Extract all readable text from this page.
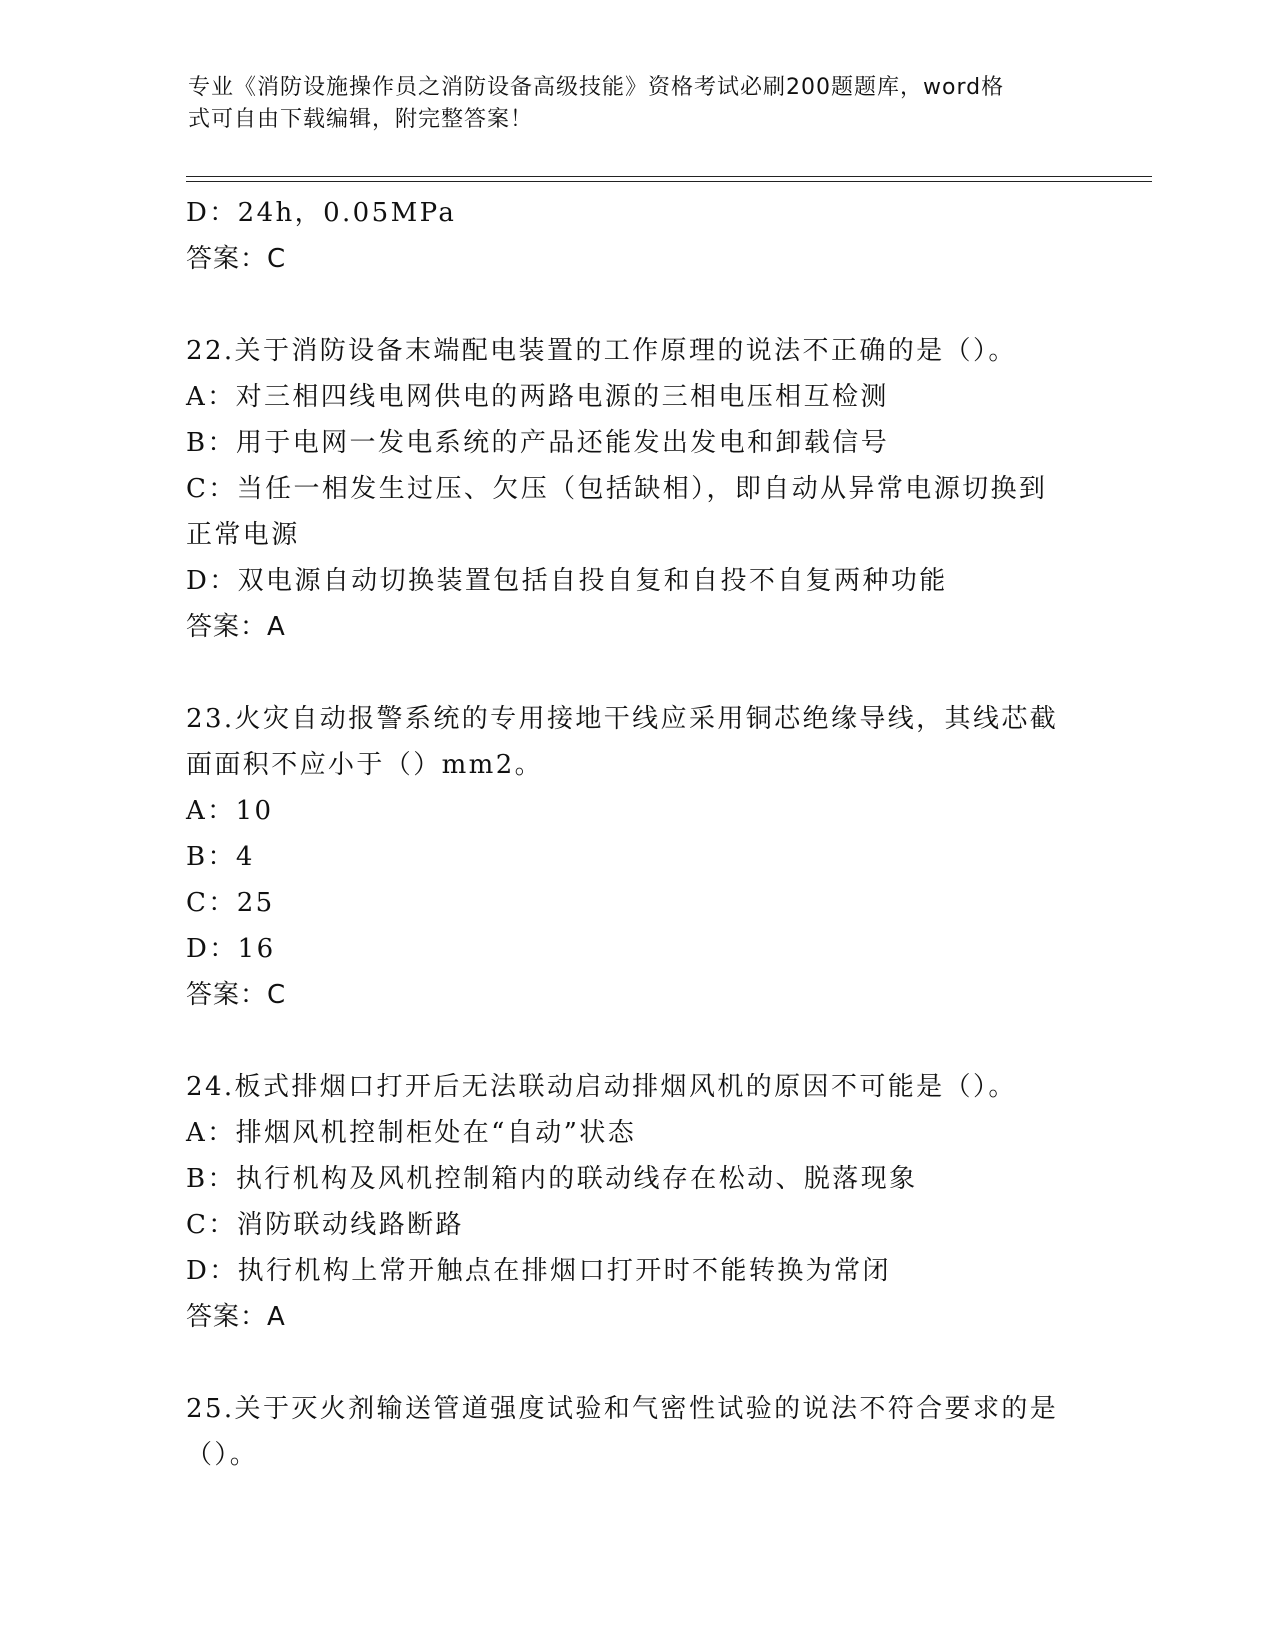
专业《消防设施操作员之消防设备高级技能》资格考试必刷200题题库，word格
式可自由下载编辑，附完整答案！
D：24h，0.05MPa
答案：C
22.关于消防设备末端配电装置的工作原理的说法不正确的是（）。
A：对三相四线电网供电的两路电源的三相电压相互检测
B：用于电网一发电系统的产品还能发出发电和卸载信号
C：当任一相发生过压、欠压（包括缺相），即自动从异常电源切换到
正常电源
D：双电源自动切换装置包括自投自复和自投不自复两种功能
答案：A
23.火灾自动报警系统的专用接地干线应采用铜芯绝缘导线，其线芯截
面面积不应小于（）mm2。
A：10
B：4
C：25
D：16
答案：C
24.板式排烟口打开后无法联动启动排烟风机的原因不可能是（）。
A：排烟风机控制柜处在“自动”状态
B：执行机构及风机控制箱内的联动线存在松动、脱落现象
C：消防联动线路断路
D：执行机构上常开触点在排烟口打开时不能转换为常闭
答案：A
25.关于灭火剂输送管道强度试验和气密性试验的说法不符合要求的是
（）。
